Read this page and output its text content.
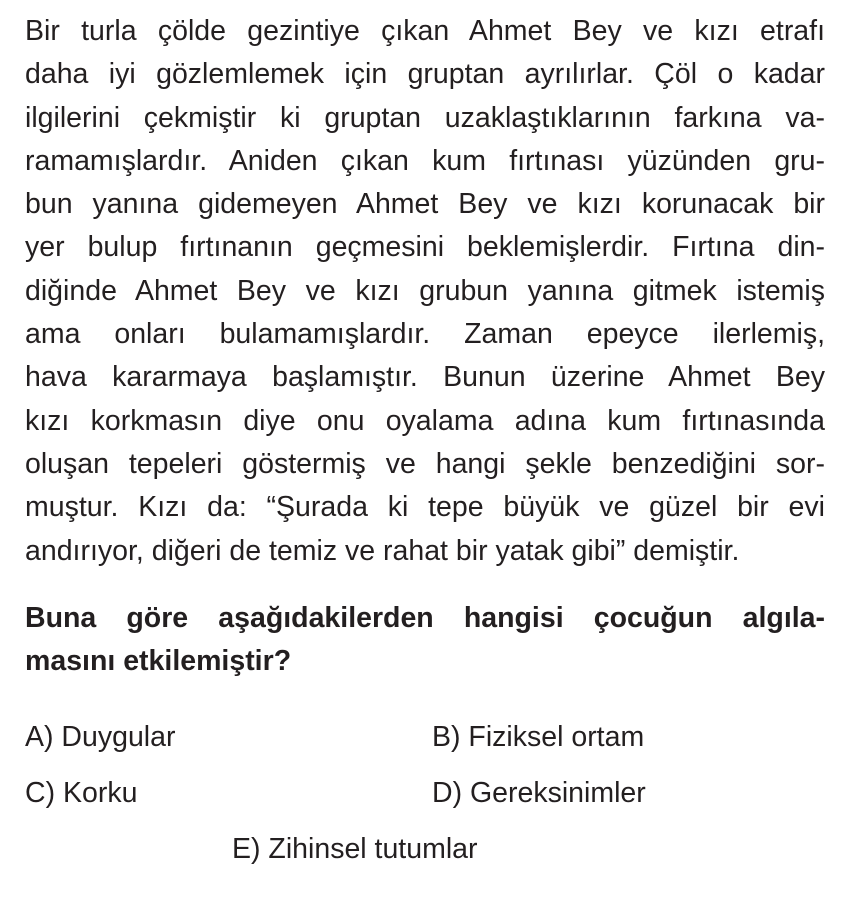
Bir turla çölde gezintiye çıkan Ahmet Bey ve kızı etrafı
daha iyi gözlemlemek için gruptan ayrılırlar. Çöl o kadar
ilgilerini çekmiştir ki gruptan uzaklaştıklarının farkına va-
ramamışlardır. Aniden çıkan kum fırtınası yüzünden gru-
bun yanına gidemeyen Ahmet Bey ve kızı korunacak bir
yer bulup fırtınanın geçmesini beklemişlerdir. Fırtına din-
diğinde Ahmet Bey ve kızı grubun yanına gitmek istemiş
ama onları bulamamışlardır. Zaman epeyce ilerlemiş,
hava kararmaya başlamıştır. Bunun üzerine Ahmet Bey
kızı korkmasın diye onu oyalama adına kum fırtınasında
oluşan tepeleri göstermiş ve hangi şekle benzediğini sor-
muştur. Kızı da: “Şurada ki tepe büyük ve güzel bir evi
andırıyor, diğeri de temiz ve rahat bir yatak gibi” demiştir.
Buna göre aşağıdakilerden hangisi çocuğun algıla-
masını etkilemiştir?
A) Duygular	B) Fiziksel ortam
C) Korku	D) Gereksinimler
E) Zihinsel tutumlar
